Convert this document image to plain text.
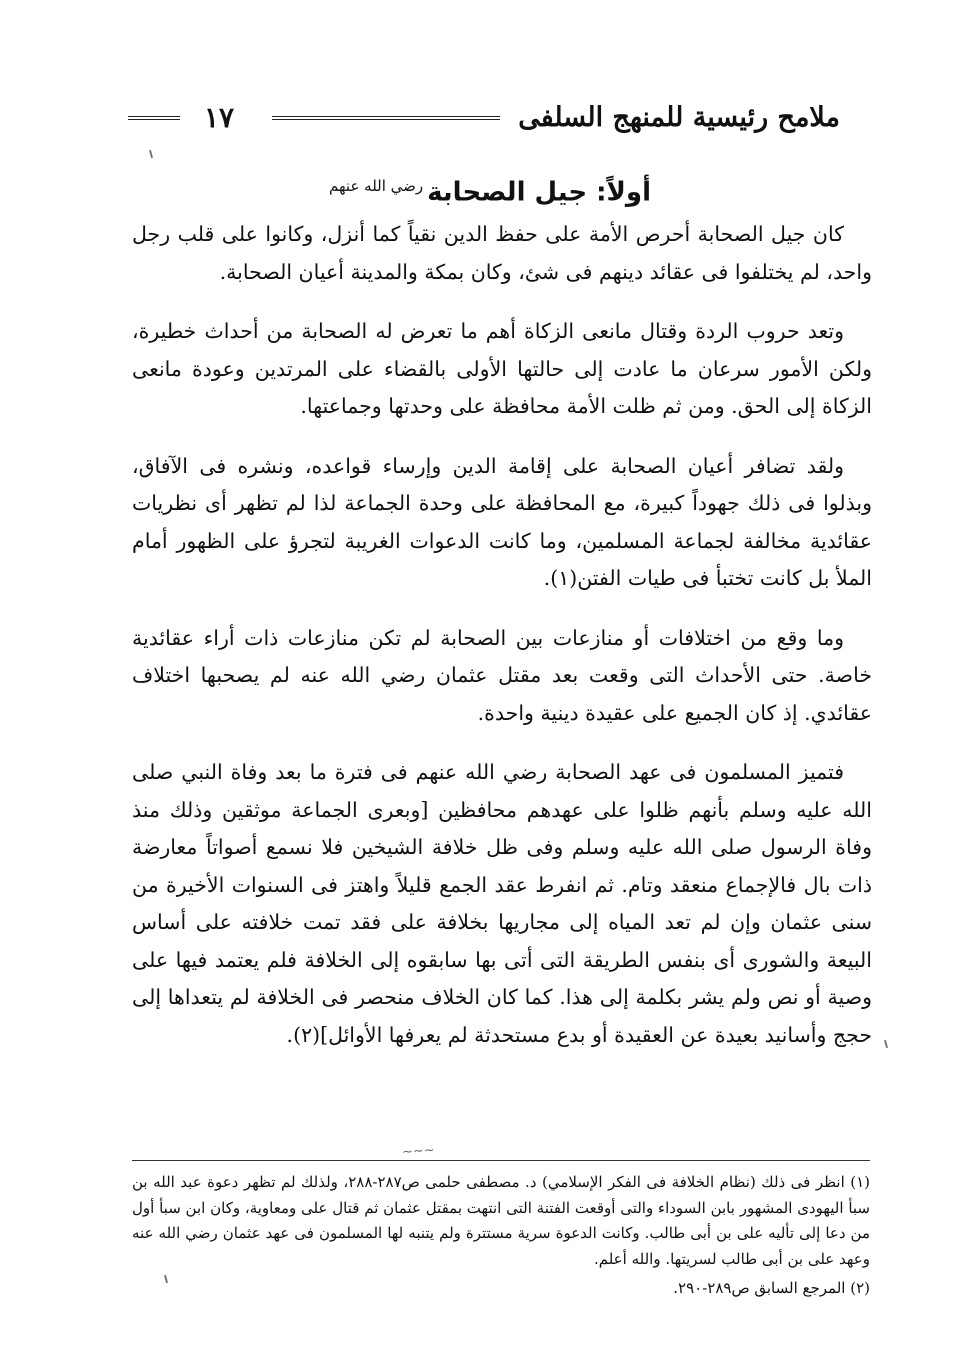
ملامح رئيسية للمنهج السلفى
١٧
أولاً: جيل الصحابة$^{رضي الله عنهم}$

كان جيل الصحابة أحرص الأمة على حفظ الدين نقياً كما أنزل، وكانوا على قلب رجل واحد، لم يختلفوا فى عقائد دينهم فى شئ، وكان بمكة والمدينة أعيان الصحابة.

وتعد حروب الردة وقتال مانعى الزكاة أهم ما تعرض له الصحابة من أحداث خطيرة، ولكن الأمور سرعان ما عادت إلى حالتها الأولى بالقضاء على المرتدين وعودة مانعى الزكاة إلى الحق. ومن ثم ظلت الأمة محافظة على وحدتها وجماعتها.

ولقد تضافر أعيان الصحابة على إقامة الدين وإرساء قواعده، ونشره فى الآفاق، وبذلوا فى ذلك جهوداً كبيرة، مع المحافظة على وحدة الجماعة لذا لم تظهر أى نظريات عقائدية مخالفة لجماعة المسلمين، وما كانت الدعوات الغريبة لتجرؤ على الظهور أمام الملأ بل كانت تختبأ فى طيات الفتن(١).

وما وقع من اختلافات أو منازعات بين الصحابة لم تكن منازعات ذات أراء عقائدية خاصة. حتى الأحداث التى وقعت بعد مقتل عثمان رضي الله عنه لم يصحبها اختلاف عقائدي. إذ كان الجميع على عقيدة دينية واحدة.

فتميز المسلمون فى عهد الصحابة رضي الله عنهم فى فترة ما بعد وفاة النبي صلى الله عليه وسلم بأنهم ظلوا على عهدهم محافظين [وبعرى الجماعة موثقين وذلك منذ وفاة الرسول صلى الله عليه وسلم وفى ظل خلافة الشيخين فلا نسمع أصواتاً معارضة ذات بال فالإجماع منعقد وتام. ثم انفرط عقد الجمع قليلاً واهتز فى السنوات الأخيرة من سنى عثمان وإن لم تعد المياه إلى مجاريها بخلافة على فقد تمت خلافته على أساس البيعة والشورى أى بنفس الطريقة التى أتى بها سابقوه إلى الخلافة فلم يعتمد فيها على وصية أو نص ولم يشر بكلمة إلى هذا. كما كان الخلاف منحصر فى الخلافة لم يتعداها إلى حجج وأسانيد بعيدة عن العقيدة أو بدع مستحدثة لم يعرفها الأوائل](٢).

~~~

(١) انظر فى ذلك (نظام الخلافة فى الفكر الإسلامي) د. مصطفى حلمى ص٢٨٧-٢٨٨، ولذلك لم تظهر دعوة عبد الله بن سبأ اليهودى المشهور بابن السوداء والتى أوقعت الفتنة التى انتهت بمقتل عثمان ثم قتال على ومعاوية، وكان ابن سبأ أول من دعا إلى تأليه على بن أبى طالب. وكانت الدعوة سرية مستترة ولم يتنبه لها المسلمون فى عهد عثمان رضي الله عنه وعهد على بن أبى طالب لسريتها. والله أعلم.

(٢) المرجع السابق ص٢٨٩-٢٩٠.
